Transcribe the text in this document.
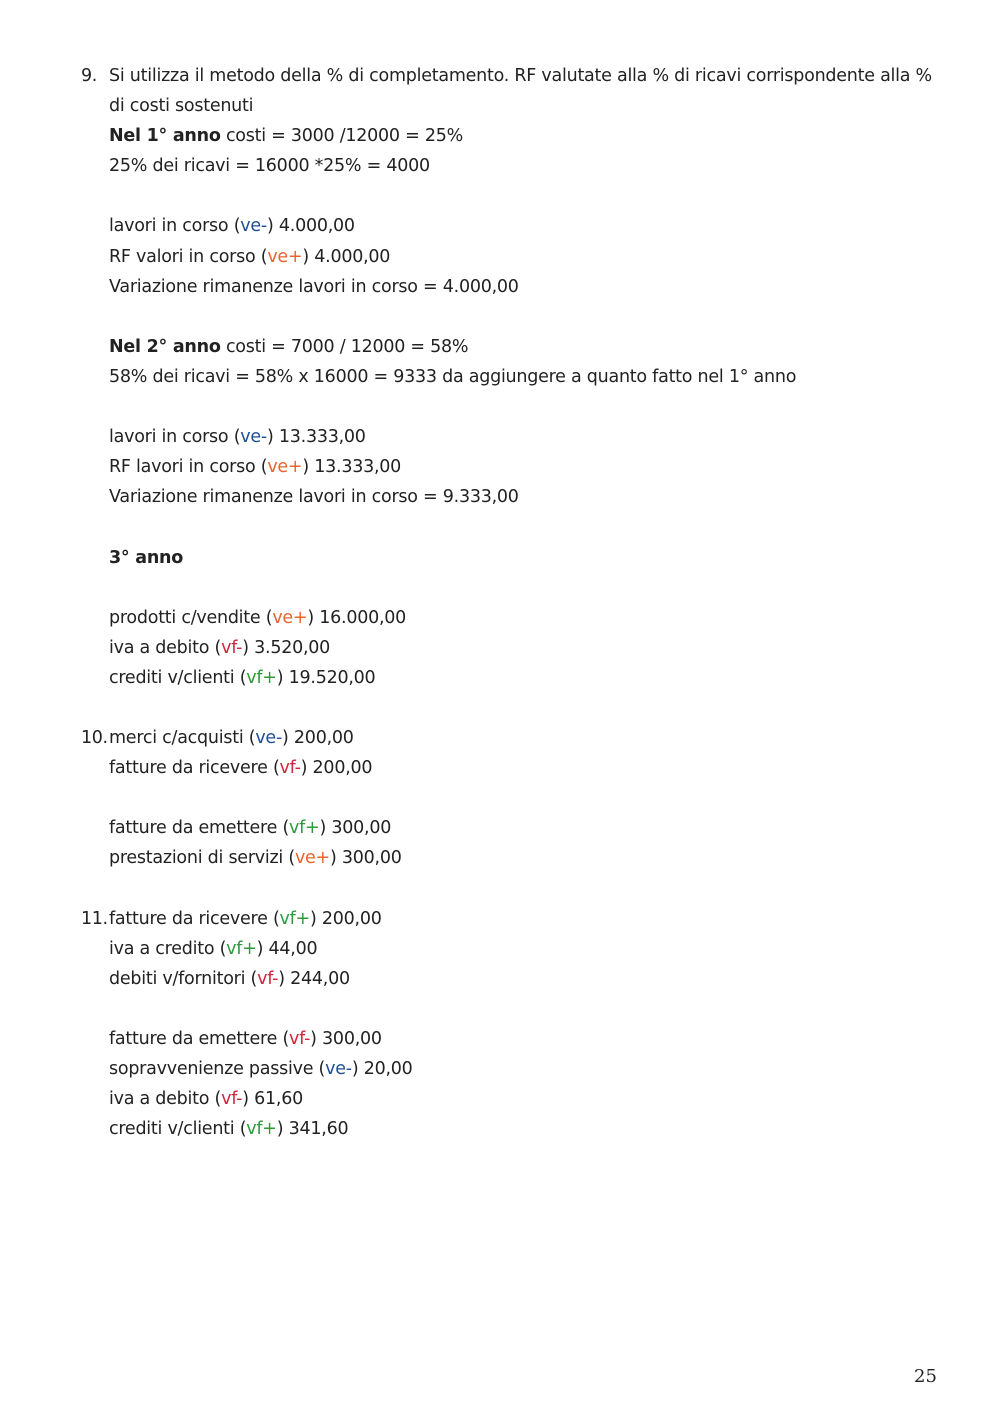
9. Si utilizza il metodo della % di completamento. RF valutate alla % di ricavi corrispondente alla % di costi sostenuti
Nel 1° anno costi = 3000 /12000 = 25%
25% dei ricavi = 16000 *25% = 4000
lavori in corso (ve-) 4.000,00
RF valori in corso (ve+) 4.000,00
Variazione rimanenze lavori in corso = 4.000,00
Nel 2° anno costi = 7000 / 12000 = 58%
58% dei ricavi = 58% x 16000 = 9333 da aggiungere a quanto fatto nel 1° anno
lavori in corso (ve-) 13.333,00
RF lavori in corso (ve+) 13.333,00
Variazione rimanenze lavori in corso = 9.333,00
3° anno
prodotti c/vendite (ve+) 16.000,00
iva a debito (vf-) 3.520,00
crediti v/clienti (vf+) 19.520,00
10. merci c/acquisti (ve-) 200,00
fatture da ricevere (vf-) 200,00
fatture da emettere (vf+) 300,00
prestazioni di servizi (ve+) 300,00
11. fatture da ricevere (vf+) 200,00
iva a credito (vf+) 44,00
debiti v/fornitori (vf-) 244,00
fatture da emettere (vf-) 300,00
sopravvenienze passive (ve-) 20,00
iva a debito (vf-) 61,60
crediti v/clienti (vf+) 341,60
25
